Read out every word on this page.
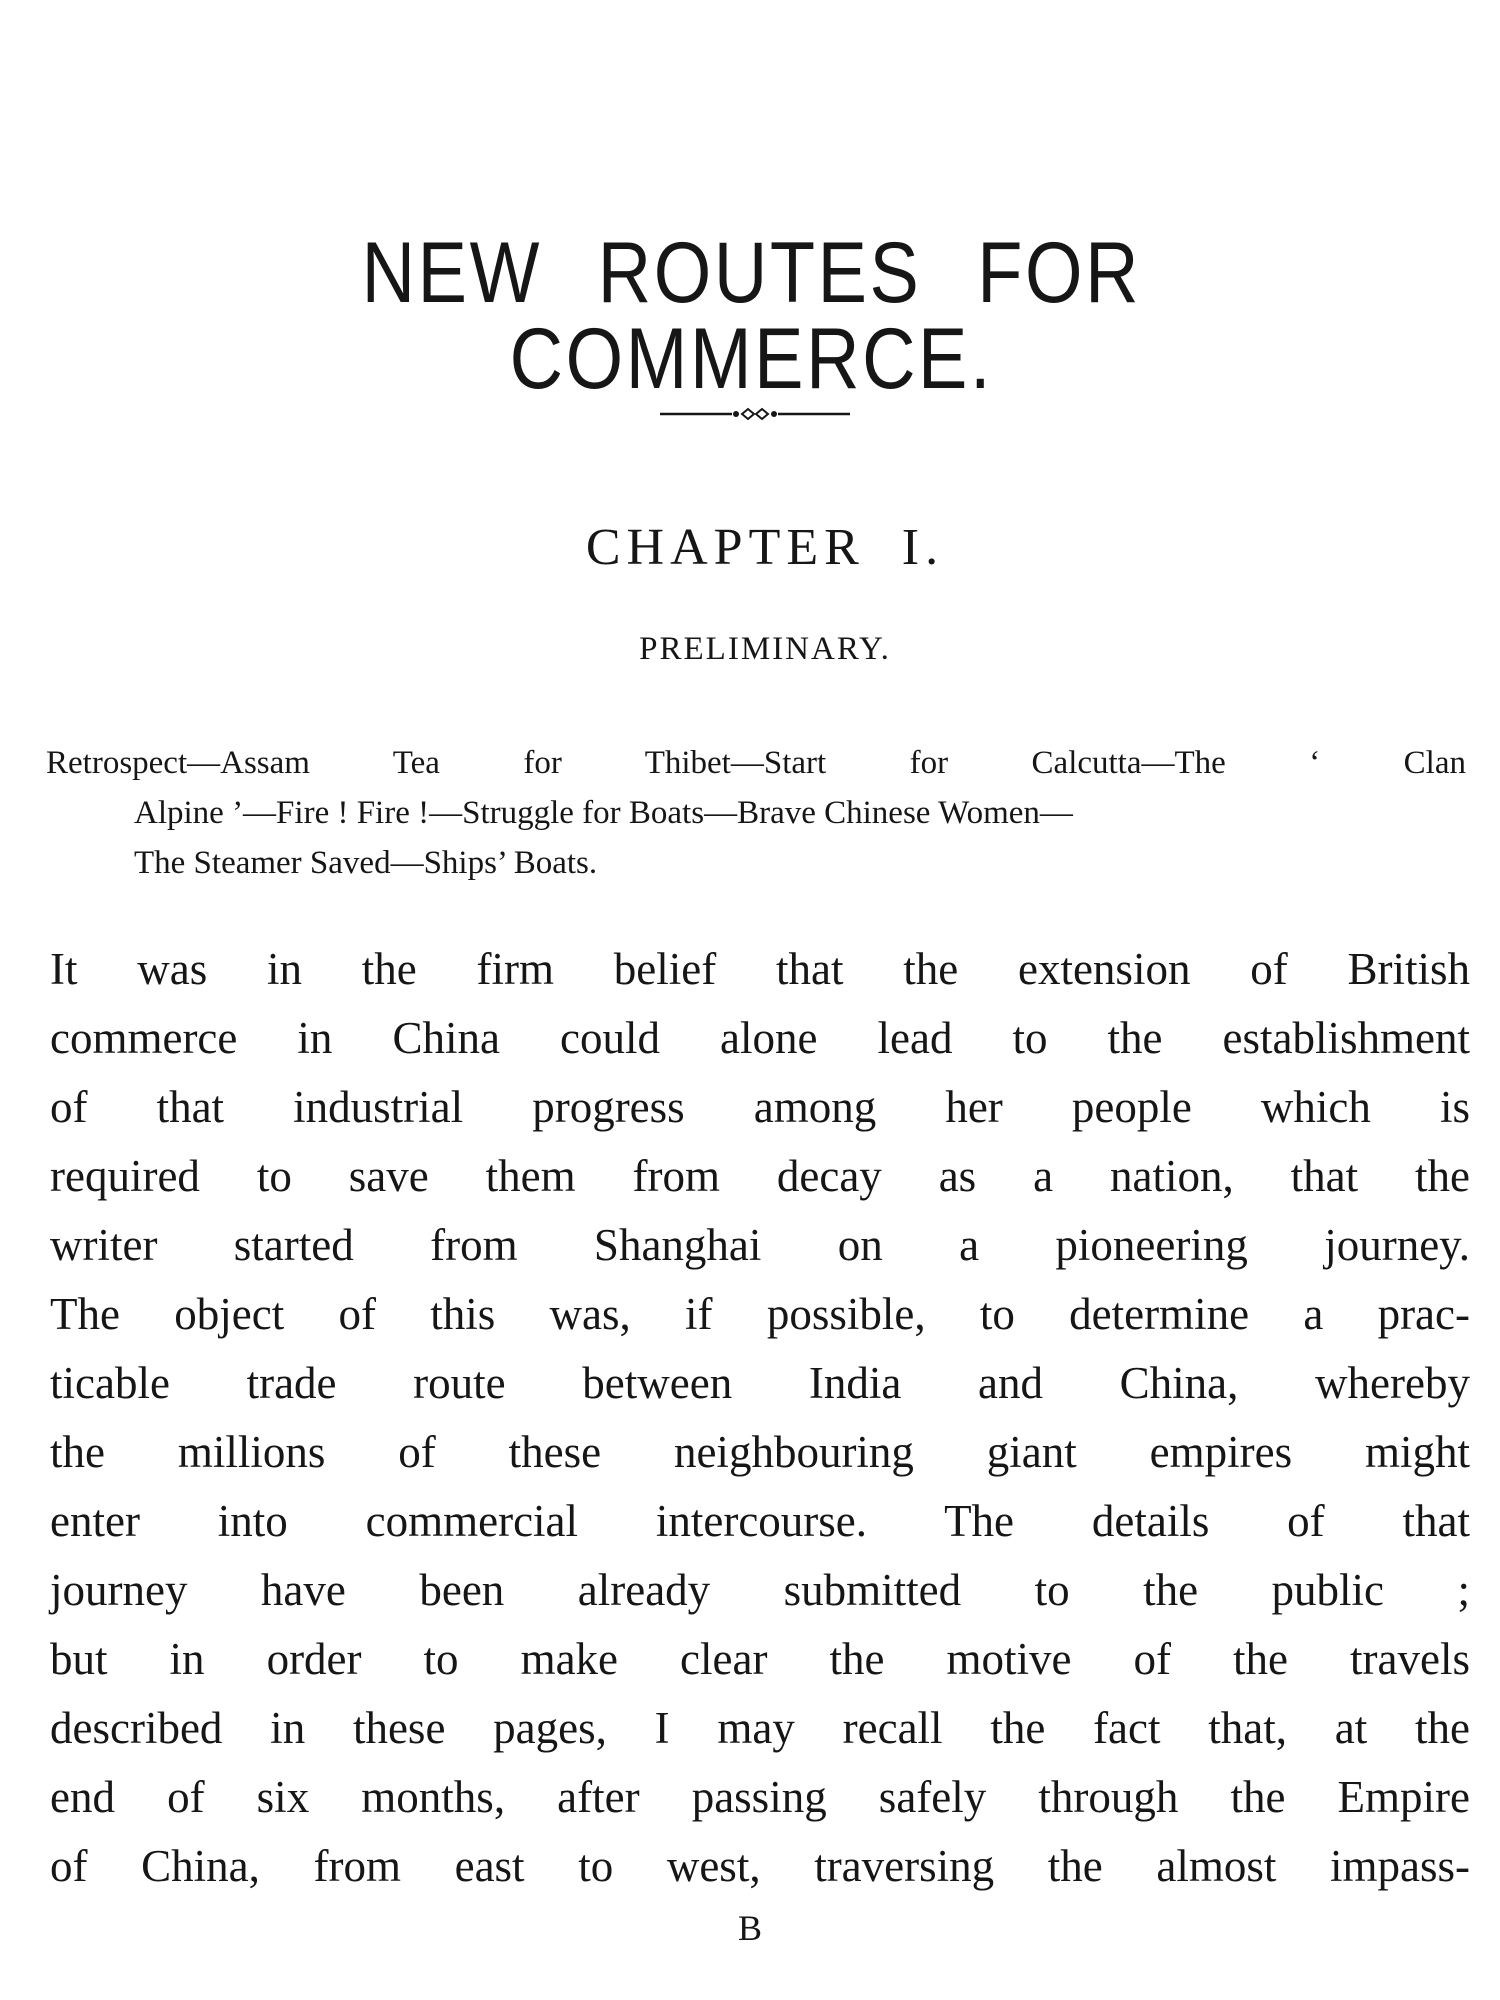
NEW ROUTES FOR COMMERCE.
CHAPTER I.
PRELIMINARY.
Retrospect—Assam Tea for Thibet—Start for Calcutta—The ‘ Clan
Alpine ’—Fire ! Fire !—Struggle for Boats—Brave Chinese Women—
The Steamer Saved—Ships’ Boats.
It was in the firm belief that the extension of British
commerce in China could alone lead to the establishment
of that industrial progress among her people which is
required to save them from decay as a nation, that the
writer started from Shanghai on a pioneering journey.
The object of this was, if possible, to determine a prac-
ticable trade route between India and China, whereby
the millions of these neighbouring giant empires might
enter into commercial intercourse. The details of that
journey have been already submitted to the public ;
but in order to make clear the motive of the travels
described in these pages, I may recall the fact that, at the
end of six months, after passing safely through the Empire
of China, from east to west, traversing the almost impass-
B
